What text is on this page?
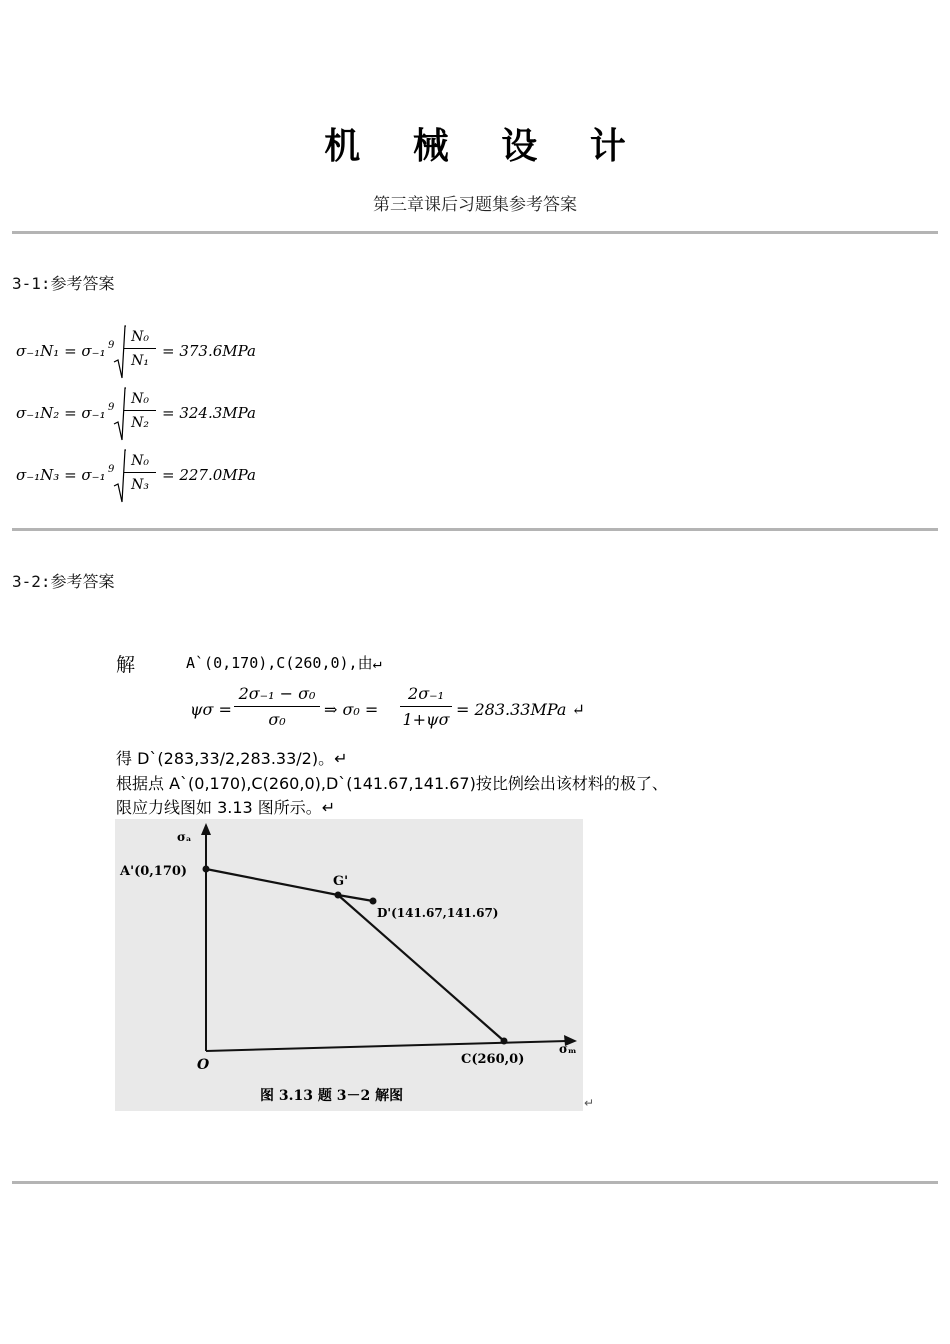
机 械 设 计
第三章课后习题集参考答案
3-1:参考答案
σ₋₁N₁ = σ₋₁ $9 \frac{\text{N₀}}{\text{N₁}} = 373.6MPa$
σ₋₁N₂ = σ₋₁ $9 \frac{\text{N₀}}{\text{N₂}} = 324.3MPa$
σ₋₁N₃ = σ₋₁ $9 \frac{\text{N₀}}{\text{N₃}} = 227.0MPa$
3-2:参考答案
解	A`(0,170),C(260,0),由↵
$\psi\sigma = \frac{\text{2σ₋₁ − σ₀}}{\text{σ₀}}$ ⇒ $\sigma_0 = \frac{\text{2σ₋₁}}{1+\psi\sigma} = 283.33MPa$ ↵
得 D`(283,33/2,283.33/2)。↵
根据点 A`(0,170),C(260,0),D`(141.67,141.67)按比例绘出该材料的极了、
限应力线图如 3.13 图所示。↵
σₐ
σₘ
O
A'(0,170)
G'
D'(141.67,141.67)
C(260,0)
图 3.13 题 3－2 解图	↵
